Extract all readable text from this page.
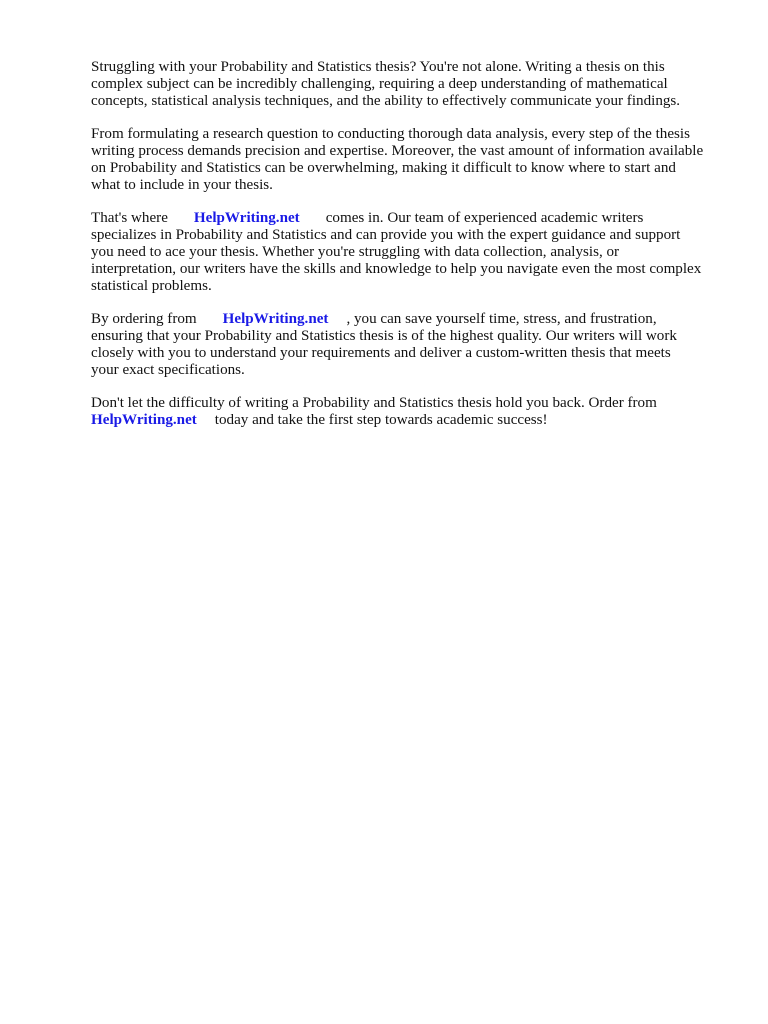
Struggling with your Probability and Statistics thesis? You're not alone. Writing a thesis on this
complex subject can be incredibly challenging, requiring a deep understanding of mathematical
concepts, statistical analysis techniques, and the ability to effectively communicate your findings.

From formulating a research question to conducting thorough data analysis, every step of the thesis
writing process demands precision and expertise. Moreover, the vast amount of information available
on Probability and Statistics can be overwhelming, making it difficult to know where to start and
what to include in your thesis.

That's where HelpWriting.net comes in. Our team of experienced academic writers
specializes in Probability and Statistics and can provide you with the expert guidance and support
you need to ace your thesis. Whether you're struggling with data collection, analysis, or
interpretation, our writers have the skills and knowledge to help you navigate even the most complex
statistical problems.

By ordering from HelpWriting.net , you can save yourself time, stress, and frustration,
ensuring that your Probability and Statistics thesis is of the highest quality. Our writers will work
closely with you to understand your requirements and deliver a custom-written thesis that meets
your exact specifications.

Don't let the difficulty of writing a Probability and Statistics thesis hold you back. Order from
HelpWriting.net today and take the first step towards academic success!
